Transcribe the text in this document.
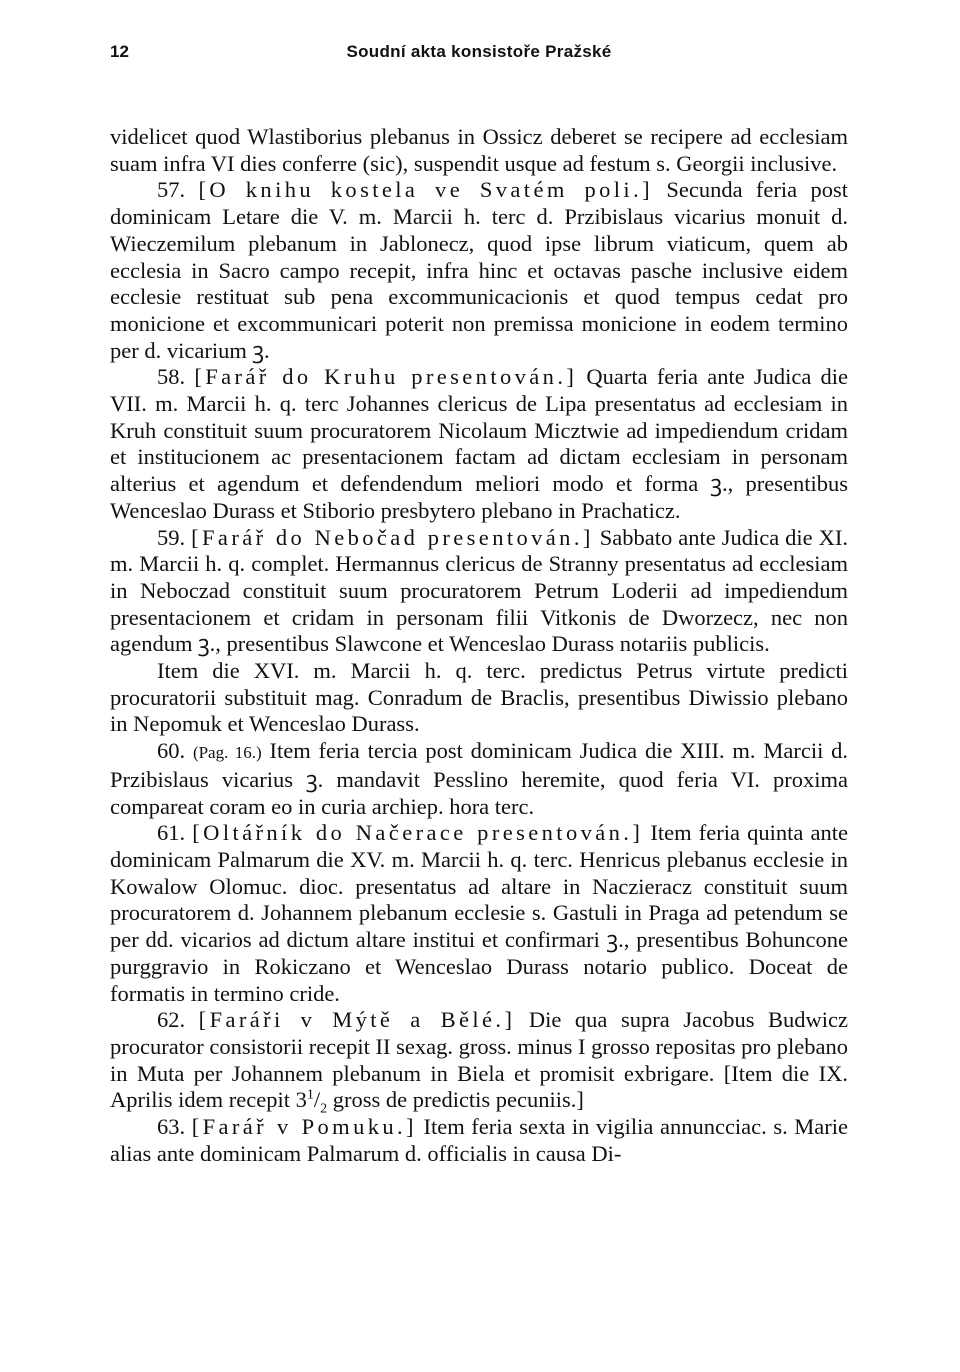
12	Soudní akta konsistoře Pražské

videlicet quod Wlastiborius plebanus in Ossicz deberet se recipere ad ecclesiam suam infra VI dies conferre (sic), suspendit usque ad festum s. Georgii inclusive.

57. [O knihu kostela ve Svatém poli.] Secunda feria post dominicam Letare die V. m. Marcii h. terc d. Przibislaus vicarius monuit d. Wieczemilum plebanum in Jablonecz, quod ipse librum viaticum, quem ab ecclesia in Sacro campo recepit, infra hinc et octavas pasche inclusive eidem ecclesie restituat sub pena excommunicacionis et quod tempus cedat pro monicione et excommunicari poterit non premissa monicione in eodem termino per d. vicarium ꝫ.

58. [Farář do Kruhu presentován.] Quarta feria ante Judica die VII. m. Marcii h. q. terc Johannes clericus de Lipa presentatus ad ecclesiam in Kruh constituit suum procuratorem Nicolaum Micztwie ad impediendum cridam et institucionem ac presentacionem factam ad dictam ecclesiam in personam alterius et agendum et defendendum meliori modo et forma ꝫ., presentibus Wenceslao Durass et Stiborio presbytero plebano in Prachaticz.

59. [Farář do Nebočad presentován.] Sabbato ante Judica die XI. m. Marcii h. q. complet. Hermannus clericus de Stranny presentatus ad ecclesiam in Neboczad constituit suum procuratorem Petrum Loderii ad impediendum presentacionem et cridam in personam filii Vitkonis de Dworzecz, nec non agendum ꝫ., presentibus Slawcone et Wenceslao Durass notariis publicis.

Item die XVI. m. Marcii h. q. terc. predictus Petrus virtute predicti procuratorii substituit mag. Conradum de Braclis, presentibus Diwissio plebano in Nepomuk et Wenceslao Durass.

60. (Pag. 16.) Item feria tercia post dominicam Judica die XIII. m. Marcii d. Przibislaus vicarius ꝫ. mandavit Pesslino heremite, quod feria VI. proxima compareat coram eo in curia archiep. hora terc.

61. [Oltářník do Načerace presentován.] Item feria quinta ante dominicam Palmarum die XV. m. Marcii h. q. terc. Henricus plebanus ecclesie in Kowalow Olomuc. dioc. presentatus ad altare in Naczieracz constituit suum procuratorem d. Johannem plebanum ecclesie s. Gastuli in Praga ad petendum se per dd. vicarios ad dictum altare institui et confirmari ꝫ., presentibus Bohuncone purggravio in Rokiczano et Wenceslao Durass notario publico. Doceat de formatis in termino cride.

62. [Faráři v Mýtě a Bělé.] Die qua supra Jacobus Budwicz procurator consistorii recepit II sexag. gross. minus I grosso repositas pro plebano in Muta per Johannem plebanum in Biela et promisit exbrigare. [Item die IX. Aprilis idem recepit $3^1/_2$ gross de predictis pecuniis.]

63. [Farář v Pomuku.] Item feria sexta in vigilia annuncciac. s. Marie alias ante dominicam Palmarum d. officialis in causa Di-
